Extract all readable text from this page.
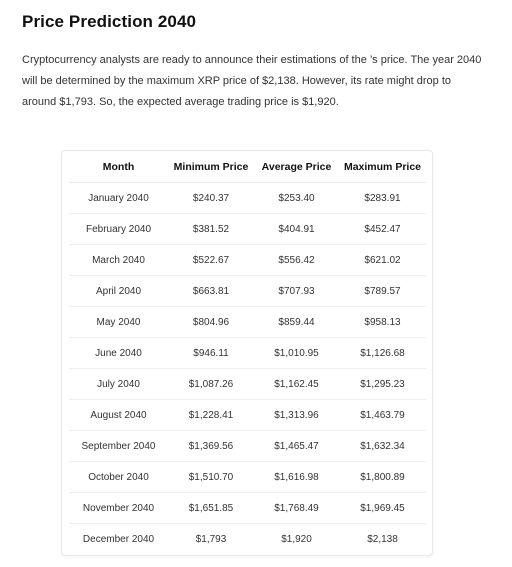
Price Prediction 2040

Cryptocurrency analysts are ready to announce their estimations of the ’s price. The year 2040 will be determined by the maximum XRP price of $2,138. However, its rate might drop to around $1,793. So, the expected average trading price is $1,920.

Month	Minimum Price	Average Price	Maximum Price
January 2040	$240.37	$253.40	$283.91
February 2040	$381.52	$404.91	$452.47
March 2040	$522.67	$556.42	$621.02
April 2040	$663.81	$707.93	$789.57
May 2040	$804.96	$859.44	$958.13
June 2040	$946.11	$1,010.95	$1,126.68
July 2040	$1,087.26	$1,162.45	$1,295.23
August 2040	$1,228.41	$1,313.96	$1,463.79
September 2040	$1,369.56	$1,465.47	$1,632.34
October 2040	$1,510.70	$1,616.98	$1,800.89
November 2040	$1,651.85	$1,768.49	$1,969.45
December 2040	$1,793	$1,920	$2,138
